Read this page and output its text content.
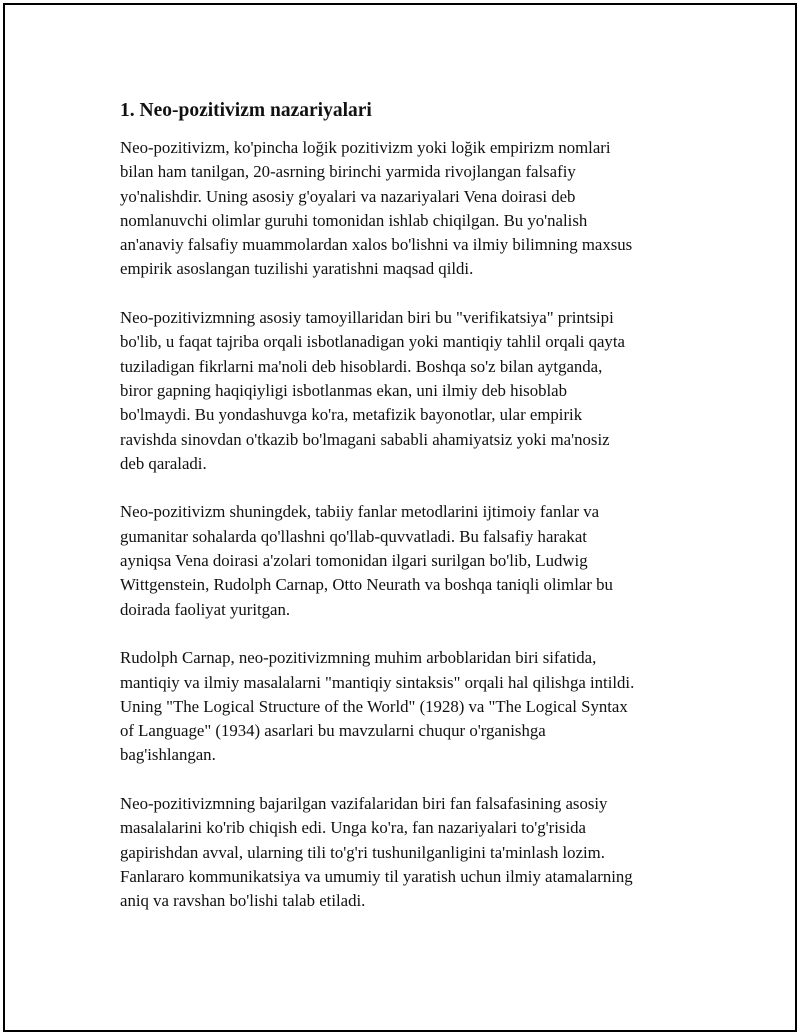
1. Neo-pozitivizm nazariyalari

Neo-pozitivizm, ko'pincha loğik pozitivizm yoki loğik empirizm nomlari
bilan ham tanilgan, 20-asrning birinchi yarmida rivojlangan falsafiy
yo'nalishdir. Uning asosiy g'oyalari va nazariyalari Vena doirasi deb
nomlanuvchi olimlar guruhi tomonidan ishlab chiqilgan. Bu yo'nalish
an'anaviy falsafiy muammolardan xalos bo'lishni va ilmiy bilimning maxsus
empirik asoslangan tuzilishi yaratishni maqsad qildi.

Neo-pozitivizmning asosiy tamoyillaridan biri bu "verifikatsiya" printsipi
bo'lib, u faqat tajriba orqali isbotlanadigan yoki mantiqiy tahlil orqali qayta
tuziladigan fikrlarni ma'noli deb hisoblardi. Boshqa so'z bilan aytganda,
biror gapning haqiqiyligi isbotlanmas ekan, uni ilmiy deb hisoblab
bo'lmaydi. Bu yondashuvga ko'ra, metafizik bayonotlar, ular empirik
ravishda sinovdan o'tkazib bo'lmagani sababli ahamiyatsiz yoki ma'nosiz
deb qaraladi.

Neo-pozitivizm shuningdek, tabiiy fanlar metodlarini ijtimoiy fanlar va
gumanitar sohalarda qo'llashni qo'llab-quvvatladi. Bu falsafiy harakat
ayniqsa Vena doirasi a'zolari tomonidan ilgari surilgan bo'lib, Ludwig
Wittgenstein, Rudolph Carnap, Otto Neurath va boshqa taniqli olimlar bu
doirada faoliyat yuritgan.

Rudolph Carnap, neo-pozitivizmning muhim arboblaridan biri sifatida,
mantiqiy va ilmiy masalalarni "mantiqiy sintaksis" orqali hal qilishga intildi.
Uning "The Logical Structure of the World" (1928) va "The Logical Syntax
of Language" (1934) asarlari bu mavzularni chuqur o'rganishga
bag'ishlangan.

Neo-pozitivizmning bajarilgan vazifalaridan biri fan falsafasining asosiy
masalalarini ko'rib chiqish edi. Unga ko'ra, fan nazariyalari to'g'risida
gapirishdan avval, ularning tili to'g'ri tushunilganligini ta'minlash lozim.
Fanlararo kommunikatsiya va umumiy til yaratish uchun ilmiy atamalarning
aniq va ravshan bo'lishi talab etiladi.
